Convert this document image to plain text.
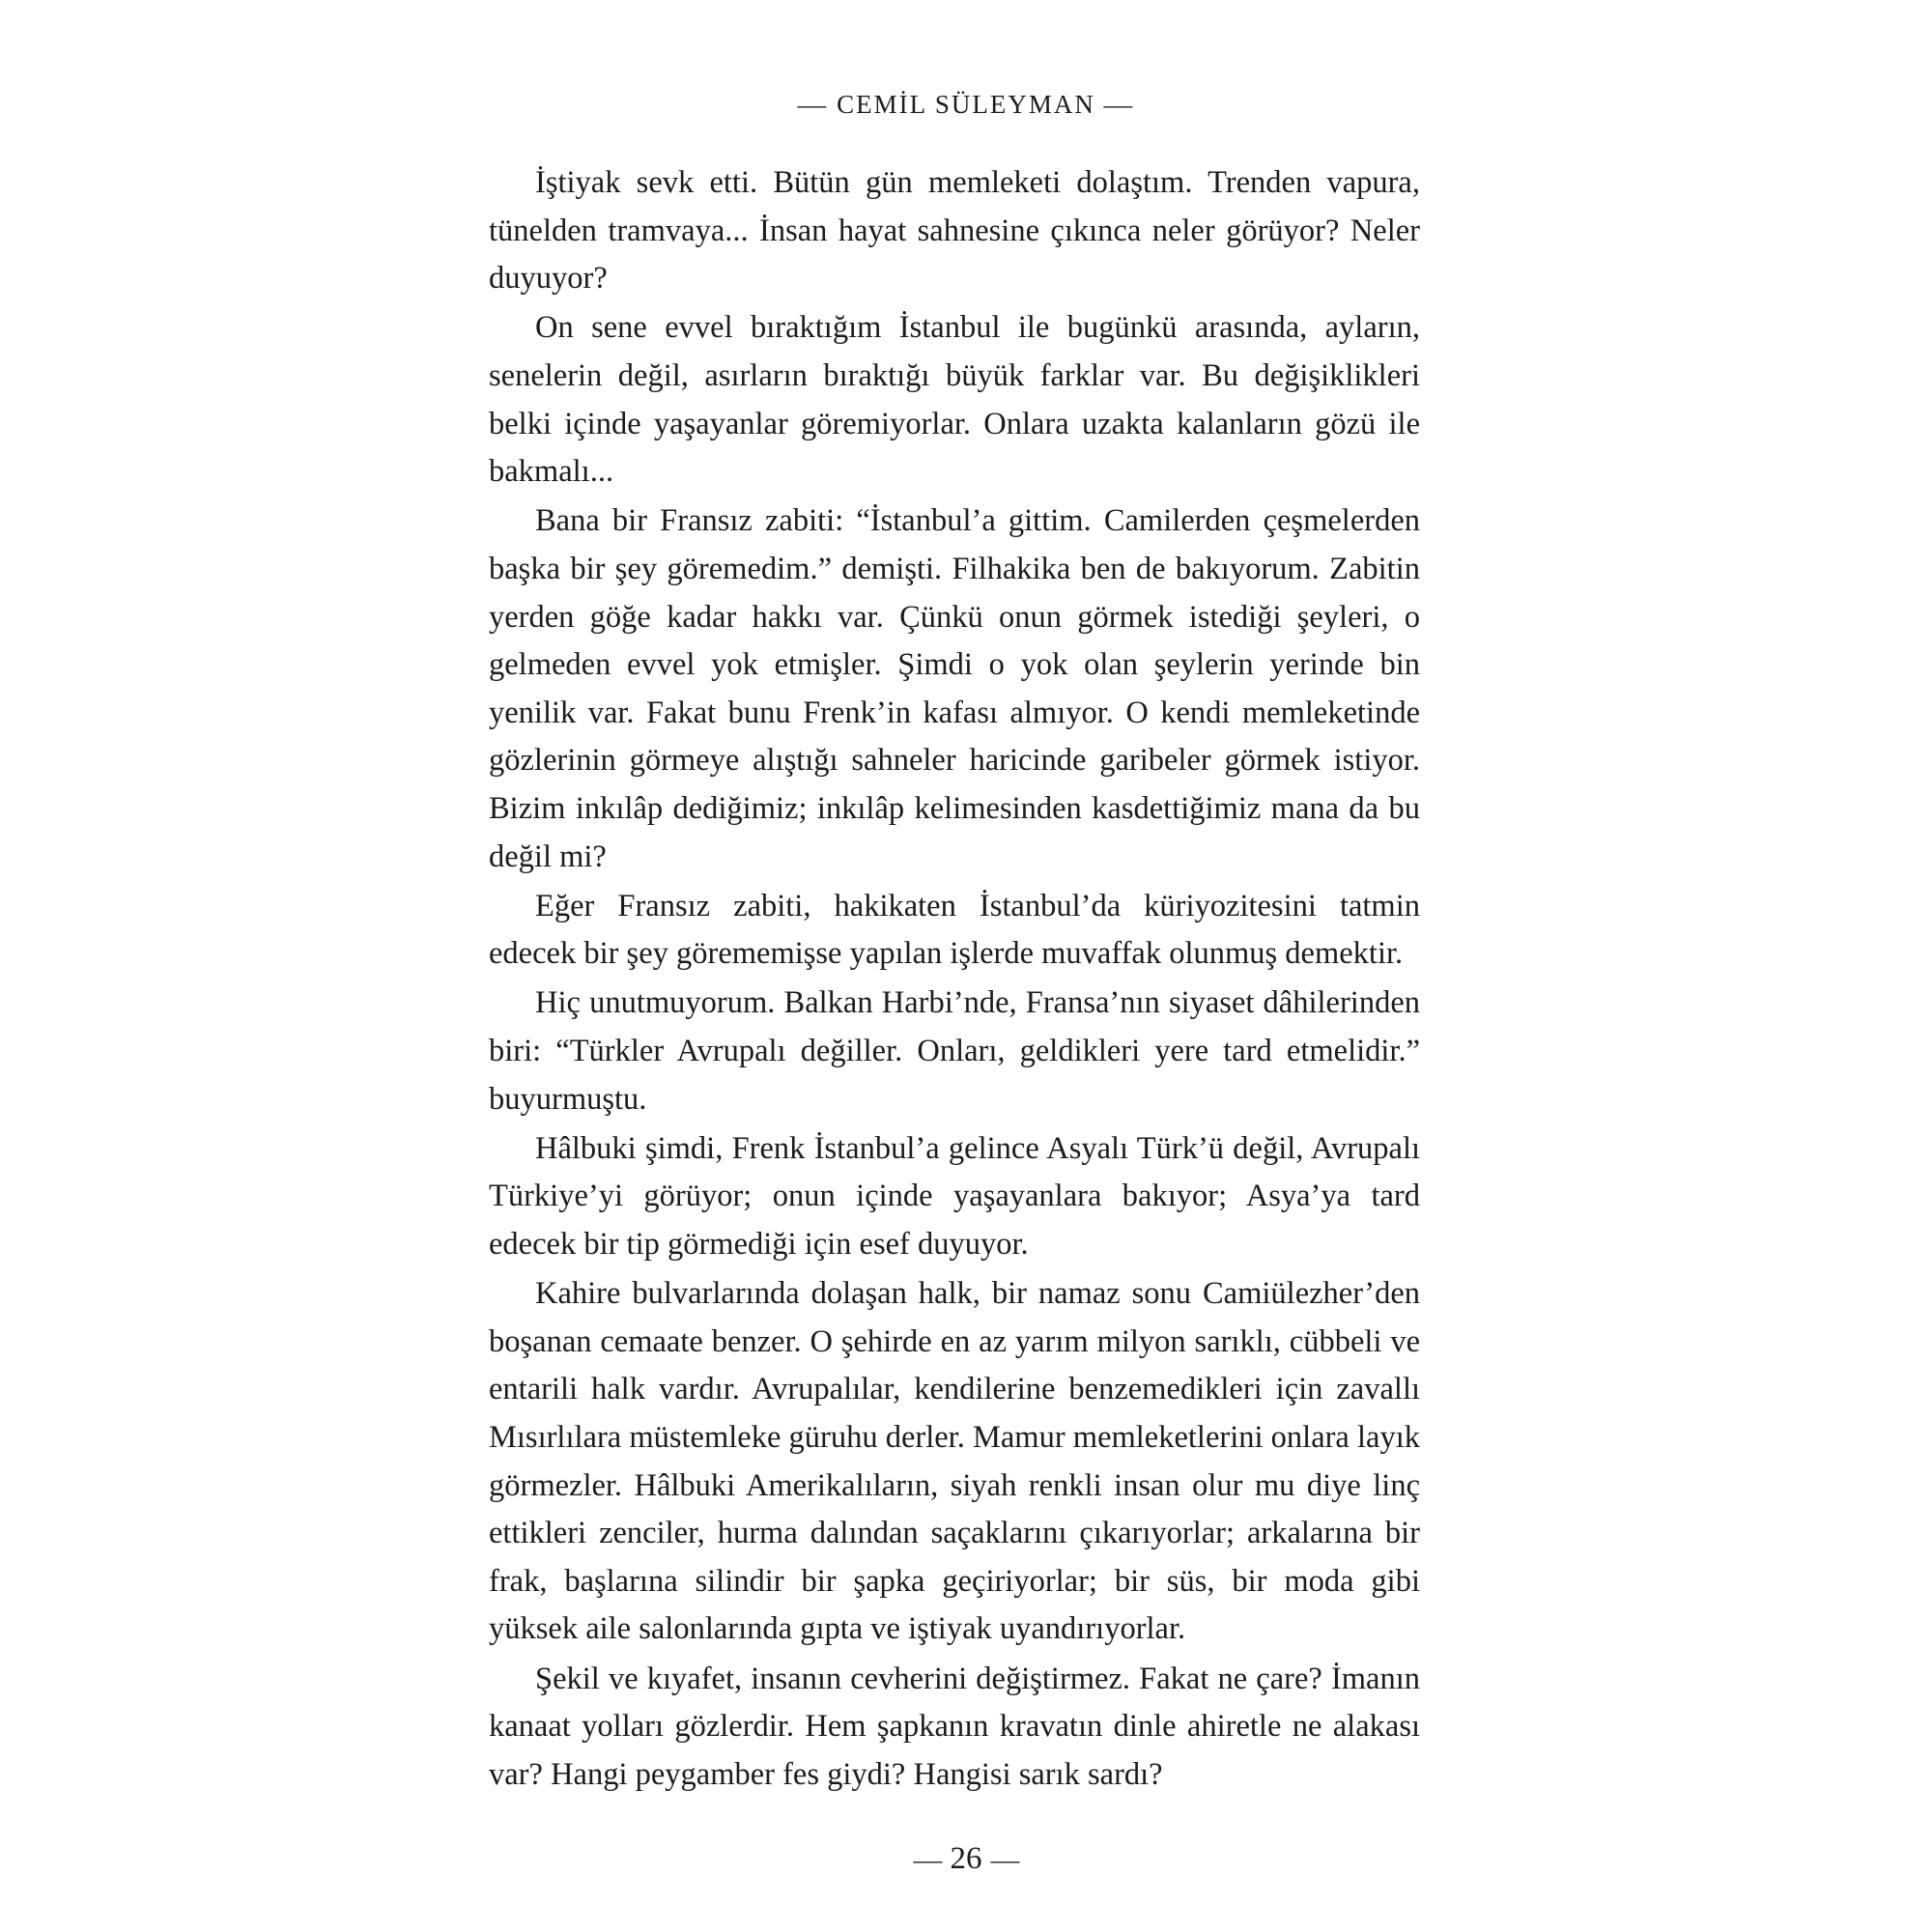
— CEMİL SÜLEYMAN —

İştiyak sevk etti. Bütün gün memleketi dolaştım. Trenden vapura, tünelden tramvaya... İnsan hayat sahnesine çıkınca neler görüyor? Neler duyuyor?

On sene evvel bıraktığım İstanbul ile bugünkü arasında, ayların, senelerin değil, asırların bıraktığı büyük farklar var. Bu değişiklikleri belki içinde yaşayanlar göremiyorlar. Onlara uzakta kalanların gözü ile bakmalı...

Bana bir Fransız zabiti: “İstanbul’a gittim. Camilerden çeşmelerden başka bir şey göremedim.” demişti. Filhakika ben de bakıyorum. Zabitin yerden göğe kadar hakkı var. Çünkü onun görmek istediği şeyleri, o gelmeden evvel yok etmişler. Şimdi o yok olan şeylerin yerinde bin yenilik var. Fakat bunu Frenk’in kafası almıyor. O kendi memleketinde gözlerinin görmeye alıştığı sahneler haricinde garibeler görmek istiyor. Bizim inkılâp dediğimiz; inkılâp kelimesinden kasdettiğimiz mana da bu değil mi?

Eğer Fransız zabiti, hakikaten İstanbul’da küriyozitesini tatmin edecek bir şey görememişse yapılan işlerde muvaffak olunmuş demektir.

Hiç unutmuyorum. Balkan Harbi’nde, Fransa’nın siyaset dâhilerinden biri: “Türkler Avrupalı değiller. Onları, geldikleri yere tard etmelidir.” buyurmuştu.

Hâlbuki şimdi, Frenk İstanbul’a gelince Asyalı Türk’ü değil, Avrupalı Türkiye’yi görüyor; onun içinde yaşayanlara bakıyor; Asya’ya tard edecek bir tip görmediği için esef duyuyor.

Kahire bulvarlarında dolaşan halk, bir namaz sonu Camiülezher’den boşanan cemaate benzer. O şehirde en az yarım milyon sarıklı, cübbeli ve entarili halk vardır. Avrupalılar, kendilerine benzemedikleri için zavallı Mısırlılara müstemleke güruhu derler. Mamur memleketlerini onlara layık görmezler. Hâlbuki Amerikalıların, siyah renkli insan olur mu diye linç ettikleri zenciler, hurma dalından saçaklarını çıkarıyorlar; arkalarına bir frak, başlarına silindir bir şapka geçiriyorlar; bir süs, bir moda gibi yüksek aile salonlarında gıpta ve iştiyak uyandırıyorlar.

Şekil ve kıyafet, insanın cevherini değiştirmez. Fakat ne çare? İmanın kanaat yolları gözlerdir. Hem şapkanın kravatın dinle ahiretle ne alakası var? Hangi peygamber fes giydi? Hangisi sarık sardı?

— 26 —
